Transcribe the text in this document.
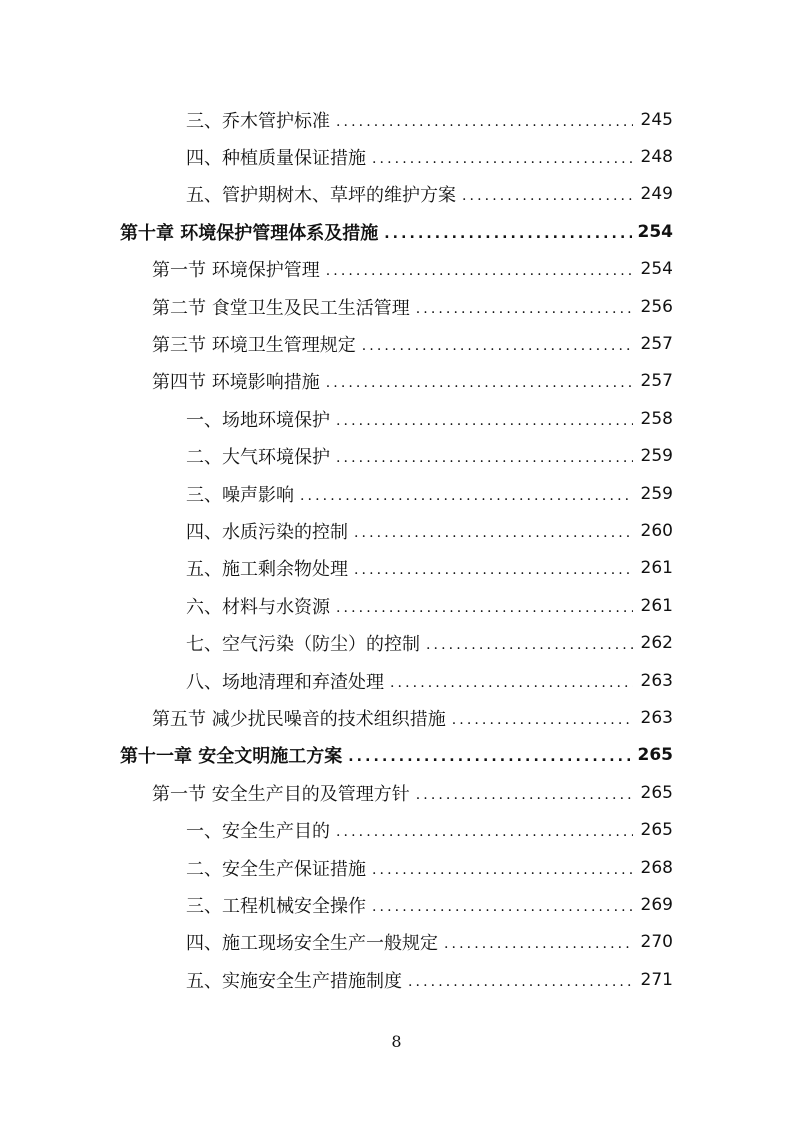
三、乔木管护标准 .....	245
四、种植质量保证措施 .....	248
五、管护期树木、草坪的维护方案 .....	249
第十章 环境保护管理体系及措施 .....	254
第一节 环境保护管理 .....	254
第二节 食堂卫生及民工生活管理 .....	256
第三节 环境卫生管理规定 .....	257
第四节 环境影响措施 .....	257
一、场地环境保护 .....	258
二、大气环境保护 .....	259
三、噪声影响 .....	259
四、水质污染的控制 .....	260
五、施工剩余物处理 .....	261
六、材料与水资源 .....	261
七、空气污染（防尘）的控制 .....	262
八、场地清理和弃渣处理 .....	263
第五节 减少扰民噪音的技术组织措施 .....	263
第十一章 安全文明施工方案 .....	265
第一节 安全生产目的及管理方针 .....	265
一、安全生产目的 .....	265
二、安全生产保证措施 .....	268
三、工程机械安全操作 .....	269
四、施工现场安全生产一般规定 .....	270
五、实施安全生产措施制度 .....	271
8
